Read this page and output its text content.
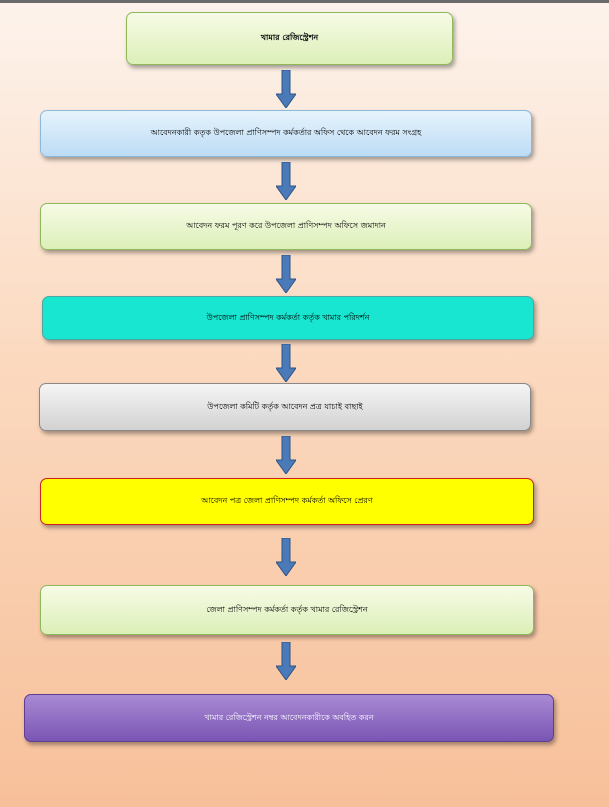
খামার রেজিস্ট্রেশন
আবেদনকারী কতৃক উপজেলা প্রাণিসম্পদ কর্মকর্তার অফিস থেকে আবেদন ফরম সংগ্রহ
আবেদন ফরম পূরণ করে উপজেলা প্রাণিসম্পদ অফিসে জমাদান
উপজেলা প্রাণিসম্পদ কর্মকর্তা কর্তৃক খামার পরিদর্শন
উপজেলা কমিটি কর্তৃক আবেদন প্রত্র যাচাই বাছাই
আবেদন পত্র জেলা প্রাণিসম্পদ কর্মকর্তা অফিসে প্রেরণ
জেলা প্রাণিসম্পদ কর্মকর্তা কর্তৃক খামার রেজিস্ট্রেশন
খামার রেজিস্ট্রেশন নম্বর আবেদনকারীকে অবহিত করন
